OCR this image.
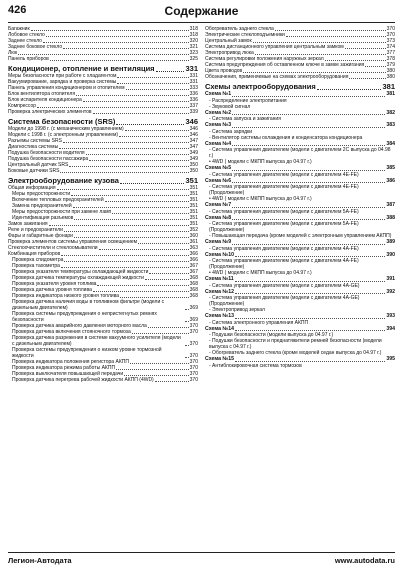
426	Содержание
Багажник	318
Лобовое стекло	318
Заднее стекло	320
Заднее боковое стекло	321
Люк	323
Панель приборов	325
Кондиционер, отопление и вентиляция	331
Меры безопасности при работе с хладагентом	331
Вакуумирование, зарядка и проверка системы	331
Панель управления кондиционером и отопителем	333
Блок вентилятора отопителя	336
Блок испарителя кондиционера	336
Компрессор	337
Проверка электрических элементов	339
Система безопасности (SRS)	346
Модели до 1998 г. (с механическим управлением)	346
Модели с 1998 г. (с электронным управлением)	346
Разъемы системы SRS	347
Диагностика системы	347
Подушка безопасности водителя	349
Подушка безопасности пассажира	349
Центральный датчик SRS	350
Боковые датчики SRS	350
Электрооборудование кузова	351
Общая информация	351
Меры предосторожности	351
Включение тепловых предохранителей	351
Замена предохранителей	351
Меры предосторожности при замене ламп	351
Идентификация разъемов	351
Замок зажигания	351
Реле и предохранители	352
Фары и габаритные фонари	360
Проверка элементов системы управления освещением	361
Стеклоочистители и стеклоомыватели	363
Комбинация приборов	366
Проверка спидометра	366
Проверка тахометра	367
Проверка указателя температуры охлаждающей жидкости	367
Проверка датчика температуры охлаждающей жидкости	368
Проверка указателя уровня топлива	368
Проверка датчика уровня топлива	368
Проверка индикатора низкого уровня топлива	368
Проверка датчика наличия воды в топливном фильтре (модели с дизельным двигателем)	369
Проверка системы предупреждения о непристегнутых ремнях безопасности	369
Проверка датчика аварийного давления моторного масла	370
Проверка датчика включения стояночного тормоза	370
Проверка датчика разрежения в системе вакуумного усилителя (модели с дизельным двигателем)	370
Проверка системы предупреждения о низком уровне тормозной жидкости	370
Проверка индикатора положения регистора АКПП	370
Проверка индикатора режима работы АКПП	370
Проверка выключателя повышающей передачи	370
Проверка датчика перегрева рабочей жидкости АКПП (4WD)	370
Обогреватель заднего стекла	370
Электрические стеклоподъемники	370
Центральный замок	373
Система дистанционного управления центральным замком	374
Электропривод люка	377
Система регулировки положения наружных зеркал	378
Система предупреждения об оставленном ключе в замке зажигания	379
Цвета проводов	380
Обозначения, применяемые на схемах электрооборудования	380
Схемы электрооборудования	381
Схема №1	381
- Распределение электропитания
- Звуковой сигнал
Схема №2	382
- Система запуска и зажигания
Схема №3	383
- Система зарядки
- Вентилятор системы охлаждения и конденсатора кондиционера
Схема №4	384
- Система управления двигателем (модели с двигателем 2С выпуска до 04.98 г.)
• 4WD ( модели с МКПП выпуска до 04.97 г.)
Схема №5	385
- Система управления двигателем (модели с двигателем 4Е-FE)
Схема №6	386
- Система управления двигателем (модели с двигателем 4Е-FE) (Продолжение)
• 4WD ( модели с МКПП выпуска до 04.97 г.)
Схема №7	387
- Система управления двигателем (модели с двигателем 5А-FE)
Схема №8	388
- Система управления двигателем (модели с двигателем 5А-FE) (Продолжение)
- Повышающая передача (кроме моделей с электронным управлением АКПП)
Схема №9	389
- Система управления двигателем (модели с двигателем 4А-FE)
Схема №10	390
- Система управления двигателем (модели с двигателем 4А-FE) (Продолжение)
• 4WD ( модели с МКПП выпуска до 04.97 г.)
Схема №11	391
- Система управления двигателем (модели с двигателем 4А-GE)
Схема №12	392
- Система управления двигателем (модели с двигателем 4А-GE) (Продолжение)
- Электропривод зеркал
Схема №13	393
- Система электронного управления АКПП
Схема №14	394
- Подушки безопасности (модели выпуска до 04.97 г.)
- Подушки безопасности и преднатяжители ремней безопасности (модели выпуска с 04.97 г.)
- Обогреватель заднего стекла (кроме моделей седан выпуска до 04.97 г.)
Схема №15	395
- Антиблокировочная система тормозов
Легион-Автодата	www.autodata.ru
